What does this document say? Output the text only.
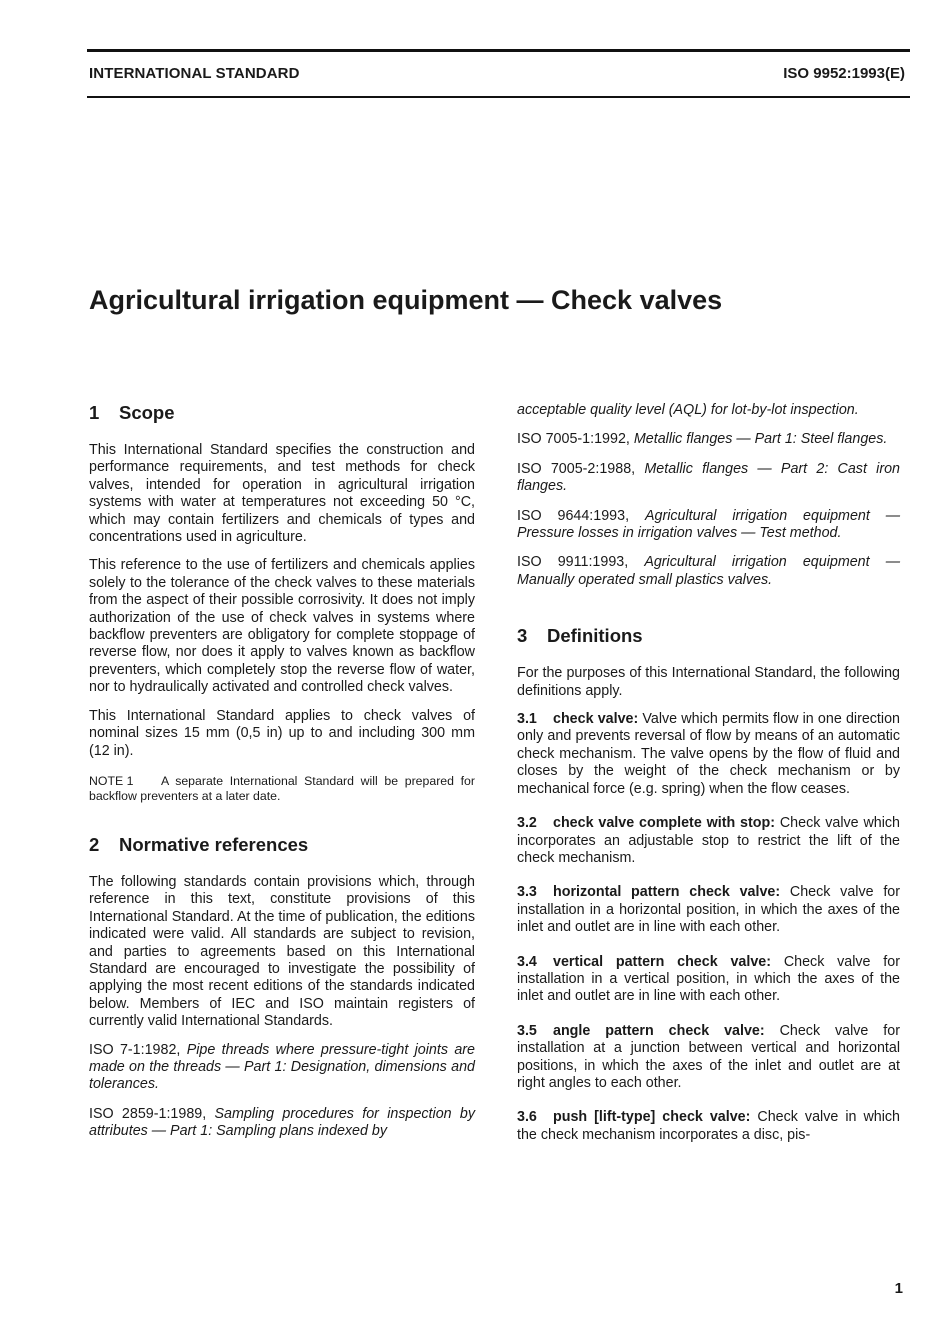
INTERNATIONAL STANDARD	ISO 9952:1993(E)
Agricultural irrigation equipment — Check valves
1 Scope

This International Standard specifies the construction and performance requirements, and test methods for check valves, intended for operation in agricultural irrigation systems with water at temperatures not exceeding 50 °C, which may contain fertilizers and chemicals of types and concentrations used in agriculture.

This reference to the use of fertilizers and chemicals applies solely to the tolerance of the check valves to these materials from the aspect of their possible corrosivity. It does not imply authorization of the use of check valves in systems where backflow preventers are obligatory for complete stoppage of reverse flow, nor does it apply to valves known as backflow preventers, which completely stop the reverse flow of water, nor to hydraulically activated and controlled check valves.

This International Standard applies to check valves of nominal sizes 15 mm (0,5 in) up to and including 300 mm (12 in).

NOTE 1 A separate International Standard will be prepared for backflow preventers at a later date.

2 Normative references

The following standards contain provisions which, through reference in this text, constitute provisions of this International Standard. At the time of publication, the editions indicated were valid. All standards are subject to revision, and parties to agreements based on this International Standard are encouraged to investigate the possibility of applying the most recent editions of the standards indicated below. Members of IEC and ISO maintain registers of currently valid International Standards.

ISO 7-1:1982, Pipe threads where pressure-tight joints are made on the threads — Part 1: Designation, dimensions and tolerances.

ISO 2859-1:1989, Sampling procedures for inspection by attributes — Part 1: Sampling plans indexed by

acceptable quality level (AQL) for lot-by-lot inspection.

ISO 7005-1:1992, Metallic flanges — Part 1: Steel flanges.

ISO 7005-2:1988, Metallic flanges — Part 2: Cast iron flanges.

ISO 9644:1993, Agricultural irrigation equipment — Pressure losses in irrigation valves — Test method.

ISO 9911:1993, Agricultural irrigation equipment — Manually operated small plastics valves.

3 Definitions

For the purposes of this International Standard, the following definitions apply.

3.1 check valve: Valve which permits flow in one direction only and prevents reversal of flow by means of an automatic check mechanism. The valve opens by the flow of fluid and closes by the weight of the check mechanism or by mechanical force (e.g. spring) when the flow ceases.

3.2 check valve complete with stop: Check valve which incorporates an adjustable stop to restrict the lift of the check mechanism.

3.3 horizontal pattern check valve: Check valve for installation in a horizontal position, in which the axes of the inlet and outlet are in line with each other.

3.4 vertical pattern check valve: Check valve for installation in a vertical position, in which the axes of the inlet and outlet are in line with each other.

3.5 angle pattern check valve: Check valve for installation at a junction between vertical and horizontal positions, in which the axes of the inlet and outlet are at right angles to each other.

3.6 push [lift-type] check valve: Check valve in which the check mechanism incorporates a disc, pis-

1
